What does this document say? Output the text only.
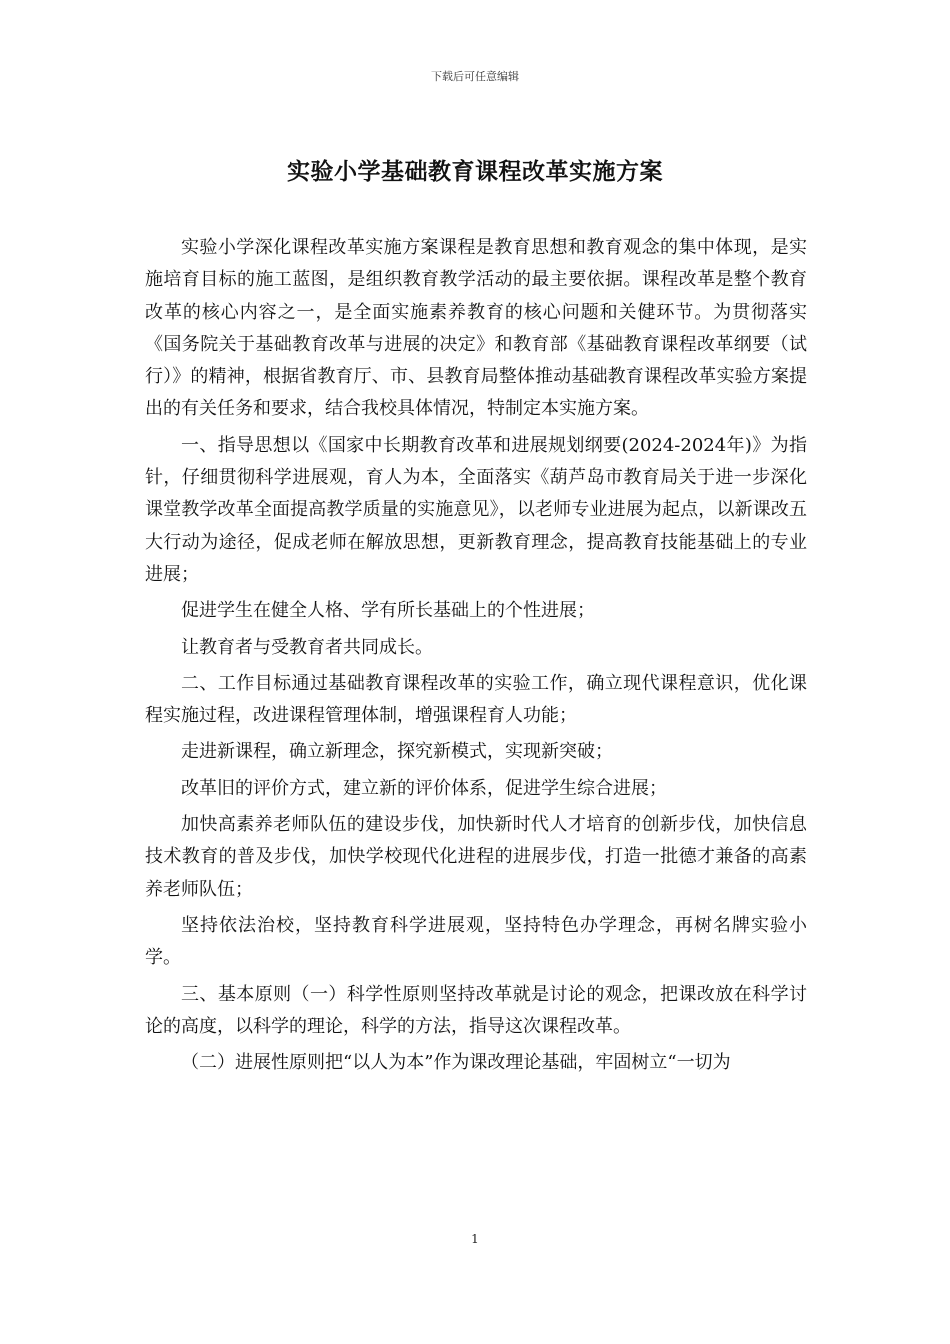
下载后可任意编辑
实验小学基础教育课程改革实施方案

实验小学深化课程改革实施方案课程是教育思想和教育观念的集中体现，是实施培育目标的施工蓝图，是组织教育教学活动的最主要依据。课程改革是整个教育改革的核心内容之一，是全面实施素养教育的核心问题和关健环节。为贯彻落实《国务院关于基础教育改革与进展的决定》和教育部《基础教育课程改革纲要（试行）》的精神，根据省教育厅、市、县教育局整体推动基础教育课程改革实验方案提出的有关任务和要求，结合我校具体情况，特制定本实施方案。

一、指导思想以《国家中长期教育改革和进展规划纲要(2024-2024年)》为指针，仔细贯彻科学进展观，育人为本，全面落实《葫芦岛市教育局关于进一步深化课堂教学改革全面提高教学质量的实施意见》，以老师专业进展为起点，以新课改五大行动为途径，促成老师在解放思想，更新教育理念，提高教育技能基础上的专业进展；

促进学生在健全人格、学有所长基础上的个性进展；

让教育者与受教育者共同成长。

二、工作目标通过基础教育课程改革的实验工作，确立现代课程意识，优化课程实施过程，改进课程管理体制，增强课程育人功能；

走进新课程，确立新理念，探究新模式，实现新突破；

改革旧的评价方式，建立新的评价体系，促进学生综合进展；

加快高素养老师队伍的建设步伐，加快新时代人才培育的创新步伐，加快信息技术教育的普及步伐，加快学校现代化进程的进展步伐，打造一批德才兼备的高素养老师队伍；

坚持依法治校，坚持教育科学进展观，坚持特色办学理念，再树名牌实验小学。

三、基本原则（一）科学性原则坚持改革就是讨论的观念，把课改放在科学讨论的高度，以科学的理论，科学的方法，指导这次课程改革。

（二）进展性原则把“以人为本”作为课改理论基础，牢固树立“一切为

1
